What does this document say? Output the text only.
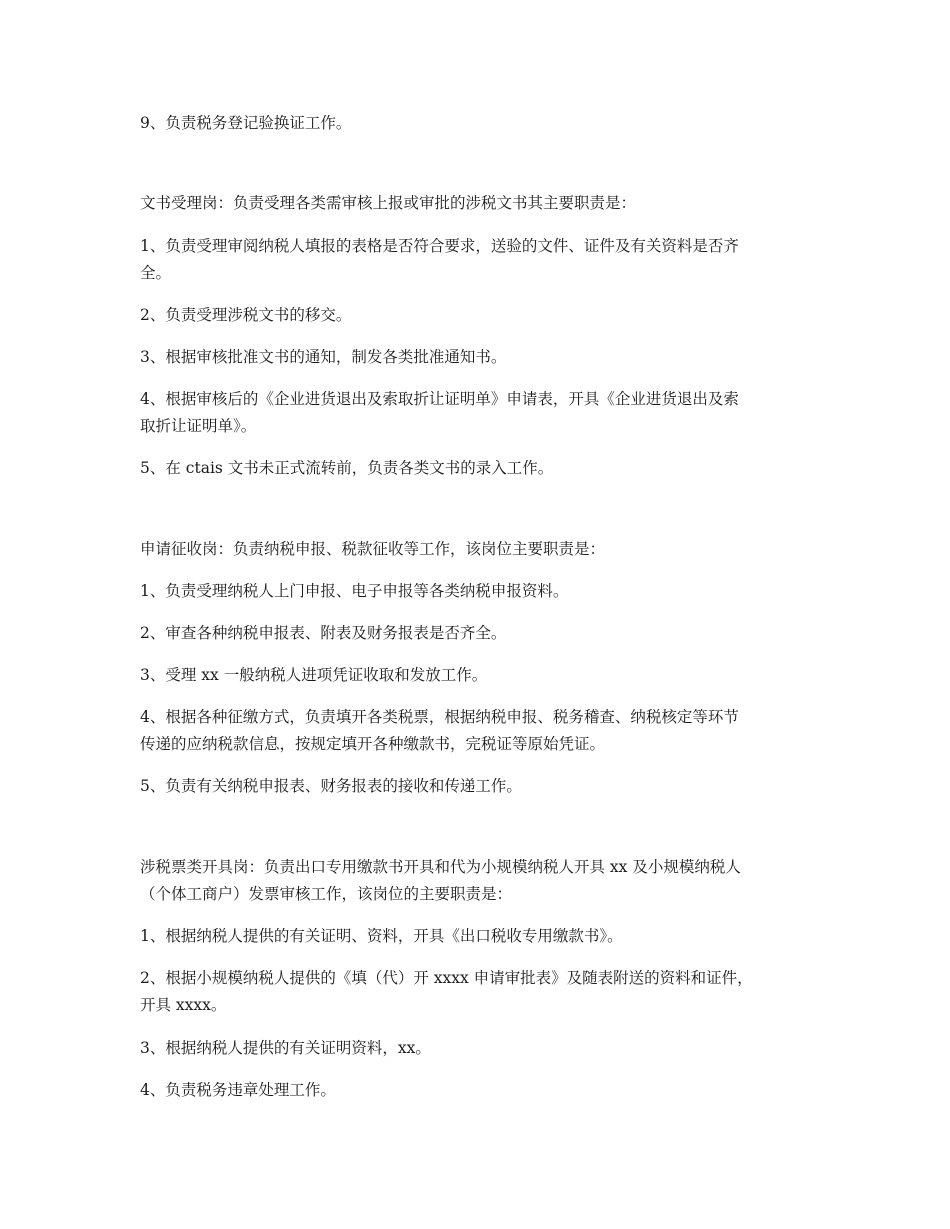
9、负责税务登记验换证工作。

文书受理岗：负责受理各类需审核上报或审批的涉税文书其主要职责是：

1、负责受理审阅纳税人填报的表格是否符合要求，送验的文件、证件及有关资料是否齐

全。

2、负责受理涉税文书的移交。

3、根据审核批准文书的通知，制发各类批准通知书。

4、根据审核后的《企业进货退出及索取折让证明单》申请表，开具《企业进货退出及索

取折让证明单》。

5、在 ctais 文书未正式流转前，负责各类文书的录入工作。

申请征收岗：负责纳税申报、税款征收等工作，该岗位主要职责是：

1、负责受理纳税人上门申报、电子申报等各类纳税申报资料。

2、审查各种纳税申报表、附表及财务报表是否齐全。

3、受理 xx 一般纳税人进项凭证收取和发放工作。

4、根据各种征缴方式，负责填开各类税票，根据纳税申报、税务稽查、纳税核定等环节

传递的应纳税款信息，按规定填开各种缴款书，完税证等原始凭证。

5、负责有关纳税申报表、财务报表的接收和传递工作。

涉税票类开具岗：负责出口专用缴款书开具和代为小规模纳税人开具 xx 及小规模纳税人

（个体工商户）发票审核工作，该岗位的主要职责是：

1、根据纳税人提供的有关证明、资料，开具《出口税收专用缴款书》。

2、根据小规模纳税人提供的《填（代）开 xxxx 申请审批表》及随表附送的资料和证件，

开具 xxxx。

3、根据纳税人提供的有关证明资料，xx。

4、负责税务违章处理工作。
